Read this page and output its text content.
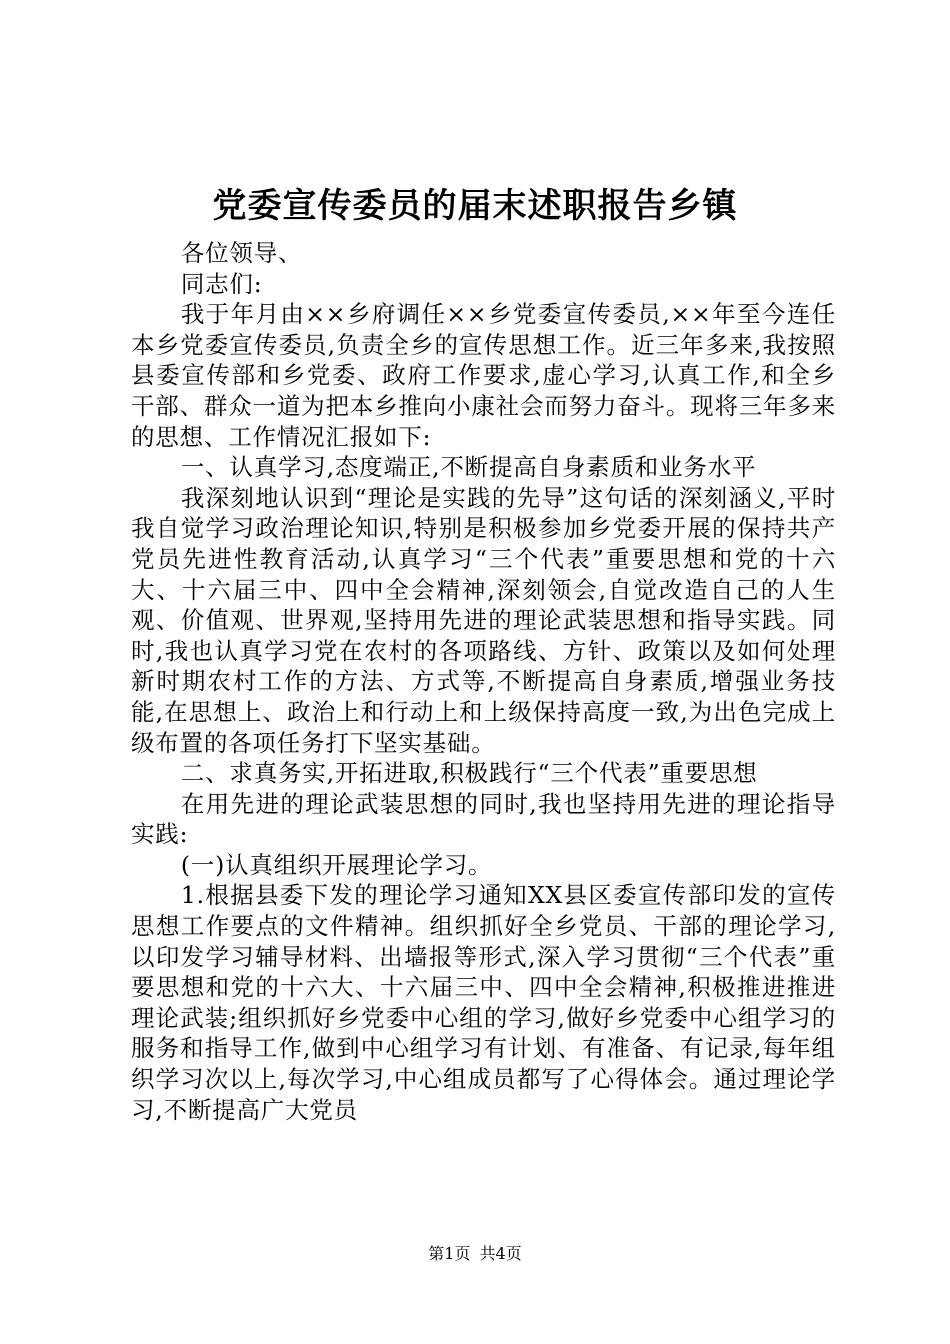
党委宣传委员的届末述职报告乡镇

各位领导、

同志们:

我于年月由××乡府调任××乡党委宣传委员,××年至今连任本乡党委宣传委员,负责全乡的宣传思想工作。近三年多来,我按照县委宣传部和乡党委、政府工作要求,虚心学习,认真工作,和全乡干部、群众一道为把本乡推向小康社会而努力奋斗。现将三年多来的思想、工作情况汇报如下:

一、认真学习,态度端正,不断提高自身素质和业务水平

我深刻地认识到“理论是实践的先导”这句话的深刻涵义,平时我自觉学习政治理论知识,特别是积极参加乡党委开展的保持共产党员先进性教育活动,认真学习“三个代表”重要思想和党的十六大、十六届三中、四中全会精神,深刻领会,自觉改造自己的人生观、价值观、世界观,坚持用先进的理论武装思想和指导实践。同时,我也认真学习党在农村的各项路线、方针、政策以及如何处理新时期农村工作的方法、方式等,不断提高自身素质,增强业务技能,在思想上、政治上和行动上和上级保持高度一致,为出色完成上级布置的各项任务打下坚实基础。

二、求真务实,开拓进取,积极践行“三个代表”重要思想

在用先进的理论武装思想的同时,我也坚持用先进的理论指导实践:

(一)认真组织开展理论学习。

1.根据县委下发的理论学习通知XX县区委宣传部印发的宣传思想工作要点的文件精神。组织抓好全乡党员、干部的理论学习,以印发学习辅导材料、出墙报等形式,深入学习贯彻“三个代表”重要思想和党的十六大、十六届三中、四中全会精神,积极推进推进理论武装;组织抓好乡党委中心组的学习,做好乡党委中心组学习的服务和指导工作,做到中心组学习有计划、有准备、有记录,每年组织学习次以上,每次学习,中心组成员都写了心得体会。通过理论学习,不断提高广大党员

第1页 共4页
